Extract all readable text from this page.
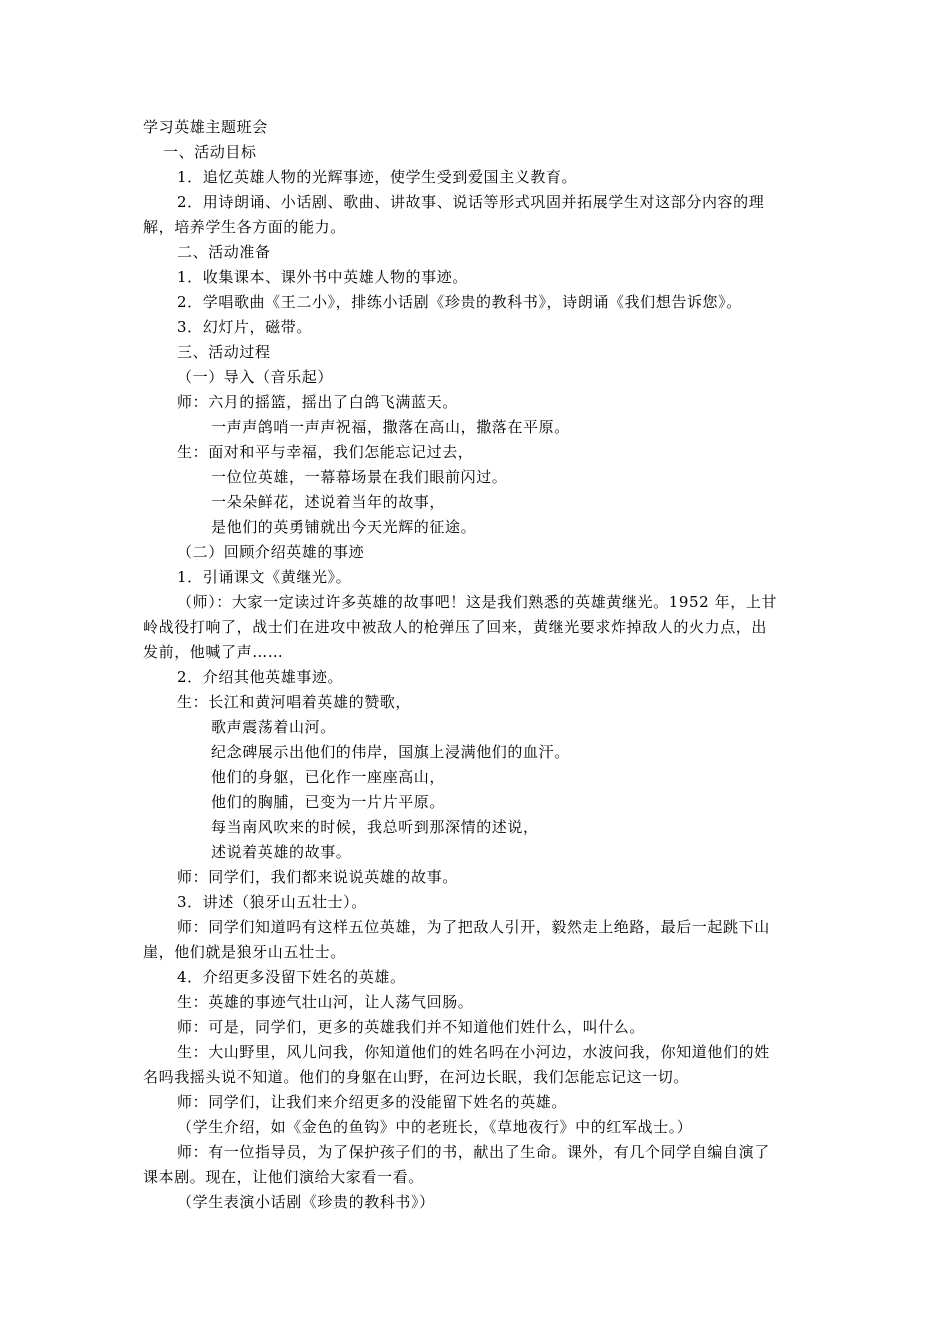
学习英雄主题班会
一、活动目标
1．追忆英雄人物的光辉事迹，使学生受到爱国主义教育。
2．用诗朗诵、小话剧、歌曲、讲故事、说话等形式巩固并拓展学生对这部分内容的理
解，培养学生各方面的能力。
二、活动准备
1．收集课本、课外书中英雄人物的事迹。
2．学唱歌曲《王二小》，排练小话剧《珍贵的教科书》，诗朗诵《我们想告诉您》。
3．幻灯片，磁带。
三、活动过程
（一）导入（音乐起）
师：六月的摇篮，摇出了白鸽飞满蓝天。
一声声鸽哨一声声祝福，撒落在高山，撒落在平原。
生：面对和平与幸福，我们怎能忘记过去，
一位位英雄，一幕幕场景在我们眼前闪过。
一朵朵鲜花，述说着当年的故事，
是他们的英勇铺就出今天光辉的征途。
（二）回顾介绍英雄的事迹
1．引诵课文《黄继光》。
（师）：大家一定读过许多英雄的故事吧！这是我们熟悉的英雄黄继光。1952 年，上甘
岭战役打响了，战士们在进攻中被敌人的枪弹压了回来，黄继光要求炸掉敌人的火力点，出
发前，他喊了声……
2．介绍其他英雄事迹。
生：长江和黄河唱着英雄的赞歌，
歌声震荡着山河。
纪念碑展示出他们的伟岸，国旗上浸满他们的血汗。
他们的身躯，已化作一座座高山，
他们的胸脯，已变为一片片平原。
每当南风吹来的时候，我总听到那深情的述说，
述说着英雄的故事。
师：同学们，我们都来说说英雄的故事。
3．讲述（狼牙山五壮士）。
师：同学们知道吗有这样五位英雄，为了把敌人引开，毅然走上绝路，最后一起跳下山
崖，他们就是狼牙山五壮士。
4．介绍更多没留下姓名的英雄。
生：英雄的事迹气壮山河，让人荡气回肠。
师：可是，同学们，更多的英雄我们并不知道他们姓什么，叫什么。
生：大山野里，风儿问我，你知道他们的姓名吗在小河边，水波问我，你知道他们的姓
名吗我摇头说不知道。他们的身躯在山野，在河边长眠，我们怎能忘记这一切。
师：同学们，让我们来介绍更多的没能留下姓名的英雄。
（学生介绍，如《金色的鱼钩》中的老班长，《草地夜行》中的红军战士。）
师：有一位指导员，为了保护孩子们的书，献出了生命。课外，有几个同学自编自演了
课本剧。现在，让他们演给大家看一看。
（学生表演小话剧《珍贵的教科书》）
